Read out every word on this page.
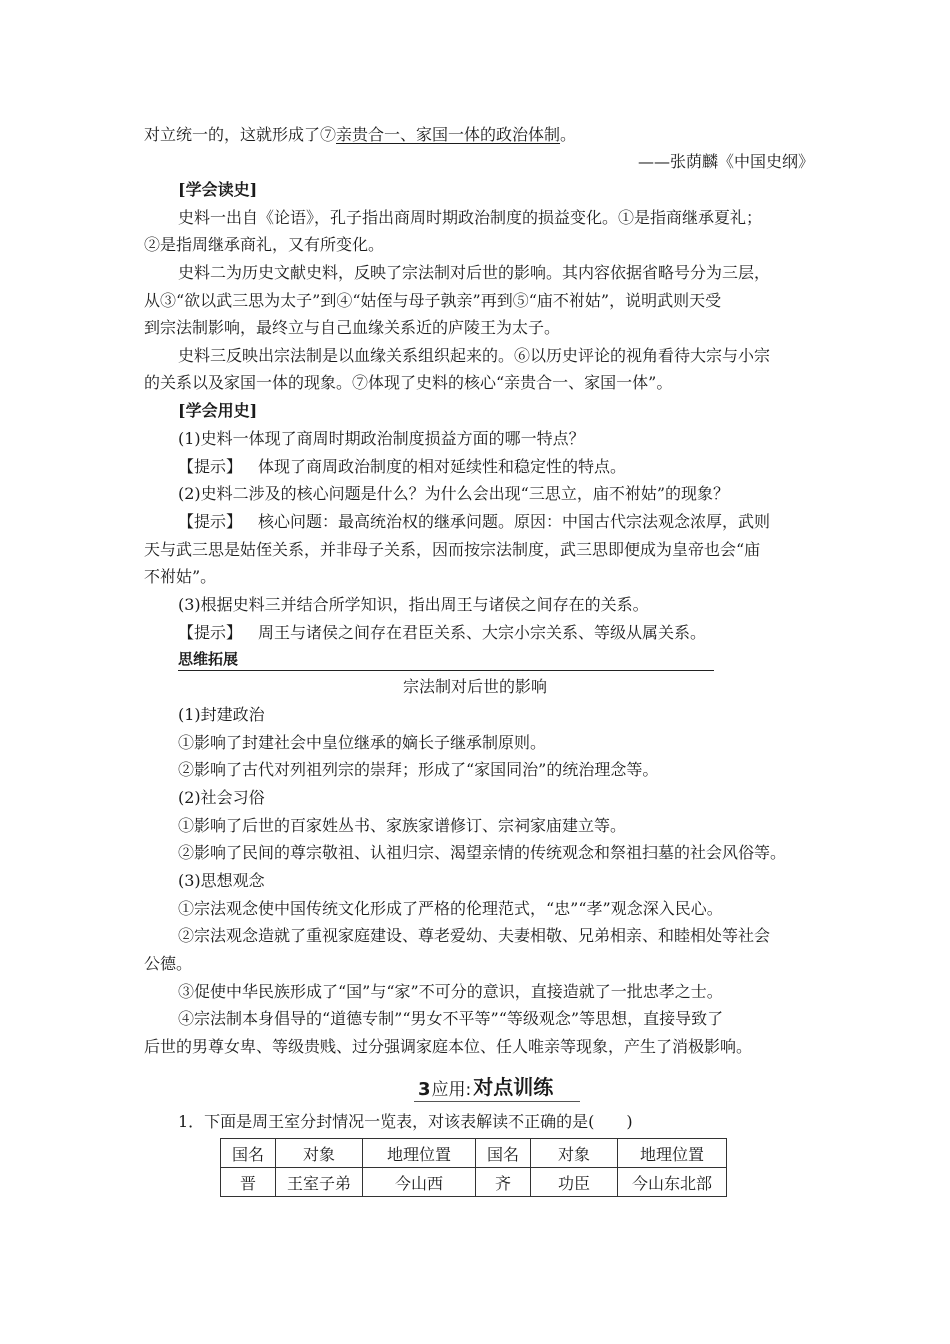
对立统一的，这就形成了⑦亲贵合一、家国一体的政治体制。
——张荫麟《中国史纲》
[学会读史]
史料一出自《论语》，孔子指出商周时期政治制度的损益变化。①是指商继承夏礼；
②是指周继承商礼，又有所变化。
史料二为历史文献史料，反映了宗法制对后世的影响。其内容依据省略号分为三层，
从③“欲以武三思为太子”到④“姑侄与母子孰亲”再到⑤“庙不祔姑”，说明武则天受
到宗法制影响，最终立与自己血缘关系近的庐陵王为太子。
史料三反映出宗法制是以血缘关系组织起来的。⑥以历史评论的视角看待大宗与小宗
的关系以及家国一体的现象。⑦体现了史料的核心“亲贵合一、家国一体”。
[学会用史]
(1)史料一体现了商周时期政治制度损益方面的哪一特点？
【提示】 体现了商周政治制度的相对延续性和稳定性的特点。
(2)史料二涉及的核心问题是什么？为什么会出现“三思立，庙不祔姑”的现象？
【提示】 核心问题：最高统治权的继承问题。原因：中国古代宗法观念浓厚，武则
天与武三思是姑侄关系，并非母子关系，因而按宗法制度，武三思即便成为皇帝也会“庙
不祔姑”。
(3)根据史料三并结合所学知识，指出周王与诸侯之间存在的关系。
【提示】 周王与诸侯之间存在君臣关系、大宗小宗关系、等级从属关系。
思维拓展
宗法制对后世的影响
(1)封建政治
①影响了封建社会中皇位继承的嫡长子继承制原则。
②影响了古代对列祖列宗的崇拜；形成了“家国同治”的统治理念等。
(2)社会习俗
①影响了后世的百家姓丛书、家族家谱修订、宗祠家庙建立等。
②影响了民间的尊宗敬祖、认祖归宗、渴望亲情的传统观念和祭祖扫墓的社会风俗等。
(3)思想观念
①宗法观念使中国传统文化形成了严格的伦理范式，“忠”“孝”观念深入民心。
②宗法观念造就了重视家庭建设、尊老爱幼、夫妻相敬、兄弟相亲、和睦相处等社会
公德。
③促使中华民族形成了“国”与“家”不可分的意识，直接造就了一批忠孝之士。
④宗法制本身倡导的“道德专制”“男女不平等”“等级观念”等思想，直接导致了
后世的男尊女卑、等级贵贱、过分强调家庭本位、任人唯亲等现象，产生了消极影响。
3 应用: 对点训练
1．下面是周王室分封情况一览表，对该表解读不正确的是(　　)
国名	对象	地理位置	国名	对象	地理位置
晋	王室子弟	今山西	齐	功臣	今山东北部
